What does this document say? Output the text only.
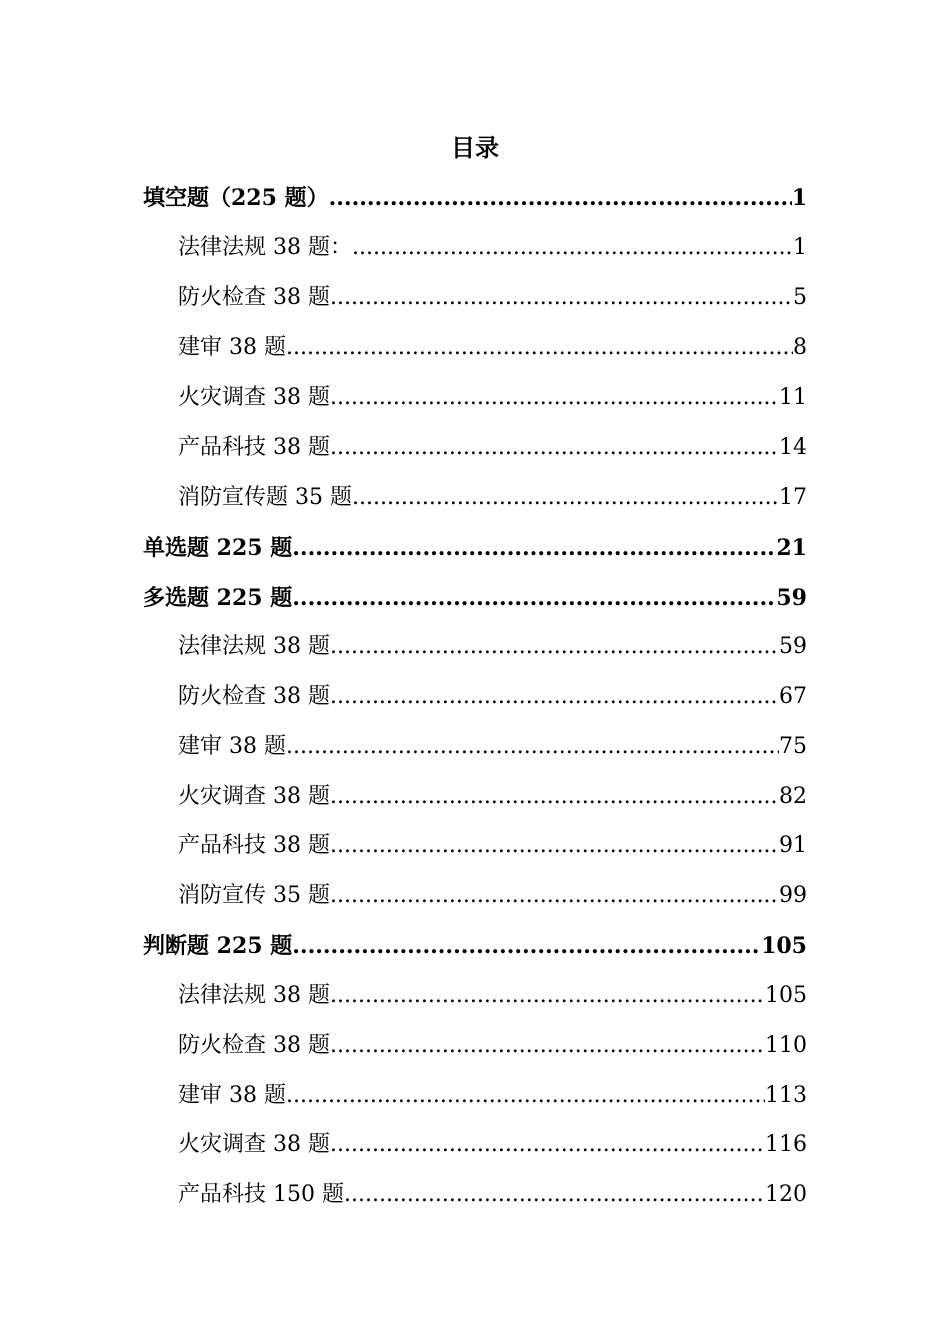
目录
填空题（225 题） .....	1
法律法规 38 题： .....	1
防火检查 38 题 .....	5
建审 38 题 .....	8
火灾调查 38 题 .....	11
产品科技 38 题 .....	14
消防宣传题 35 题 .....	17
单选题 225 题 .....	21
多选题 225 题 .....	59
法律法规 38 题 .....	59
防火检查 38 题 .....	67
建审 38 题 .....	75
火灾调查 38 题 .....	82
产品科技 38 题 .....	91
消防宣传 35 题 .....	99
判断题 225 题 .....	105
法律法规 38 题 .....	105
防火检查 38 题 .....	110
建审 38 题 .....	113
火灾调查 38 题 .....	116
产品科技 150 题 .....	120
